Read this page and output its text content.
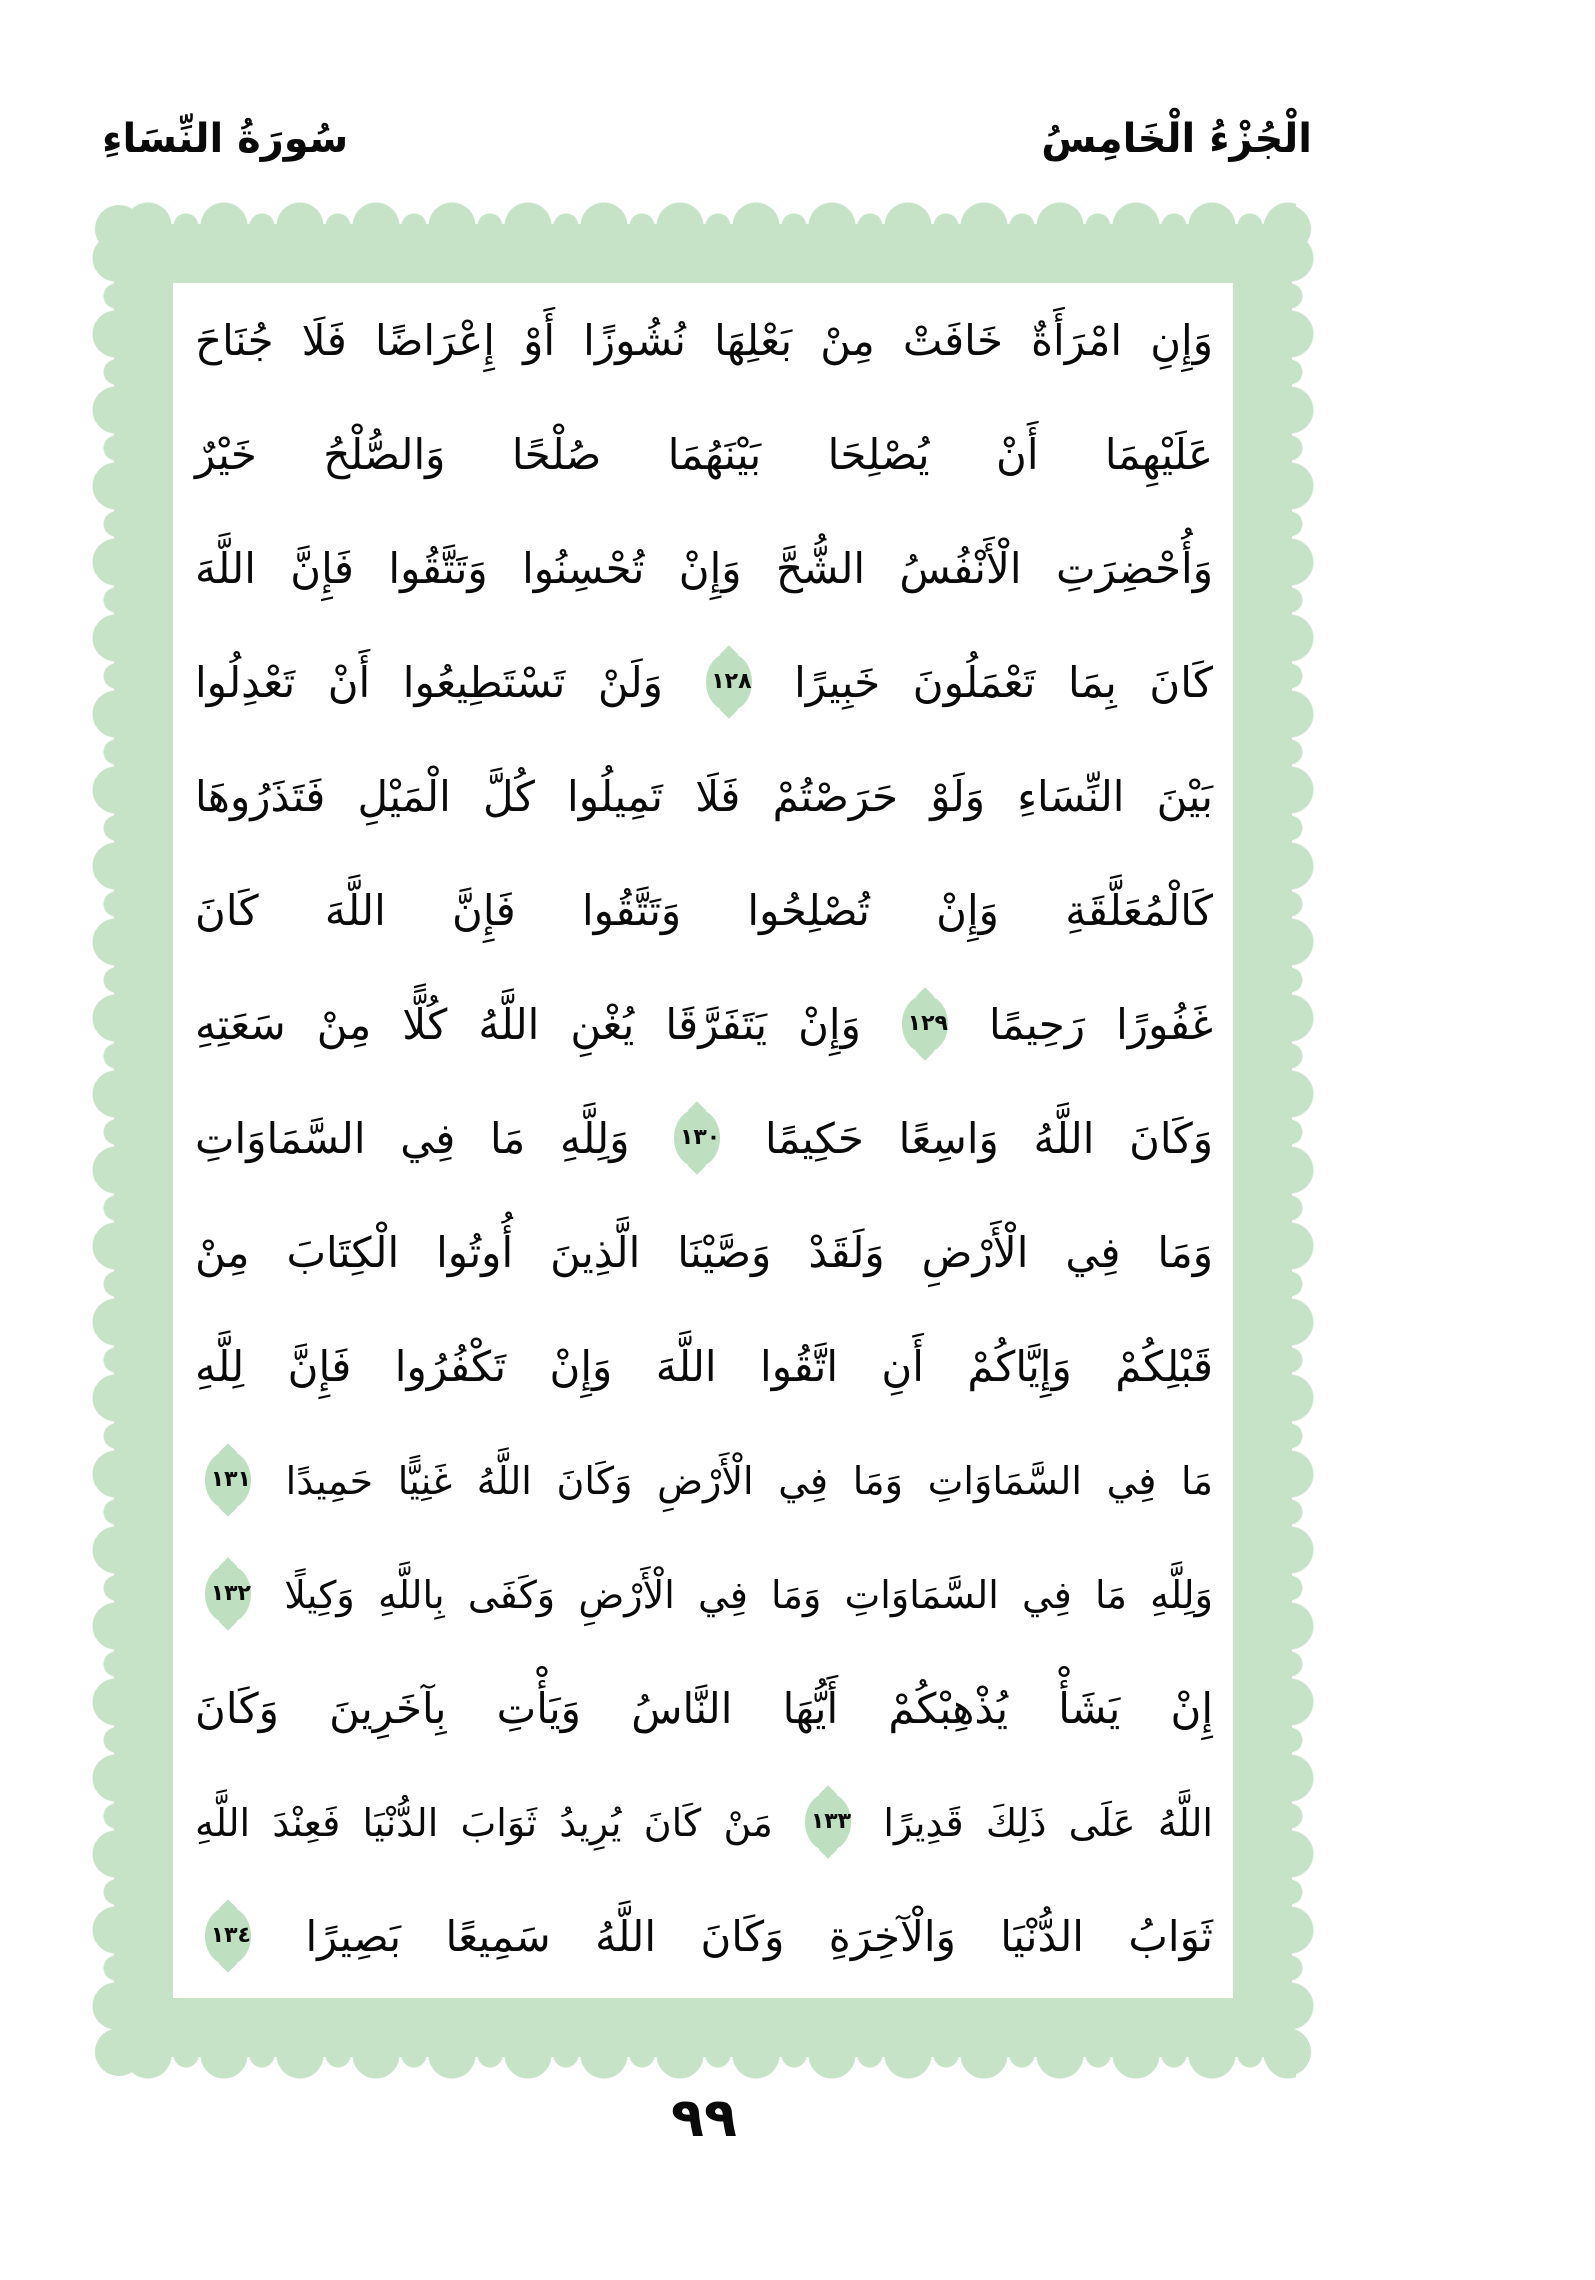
الْجُزْءُ الْخَامِسُ
سُورَةُ النِّسَاءِ
وَإِنِ امْرَأَةٌ خَافَتْ مِنْ بَعْلِهَا نُشُوزًا أَوْ إِعْرَاضًا فَلَا جُنَاحَ
عَلَيْهِمَا أَنْ يُصْلِحَا بَيْنَهُمَا صُلْحًا وَالصُّلْحُ خَيْرٌ
وَأُحْضِرَتِ الْأَنْفُسُ الشُّحَّ وَإِنْ تُحْسِنُوا وَتَتَّقُوا فَإِنَّ اللَّهَ
كَانَ بِمَا تَعْمَلُونَ خَبِيرًا ١٢٨ وَلَنْ تَسْتَطِيعُوا أَنْ تَعْدِلُوا
بَيْنَ النِّسَاءِ وَلَوْ حَرَصْتُمْ فَلَا تَمِيلُوا كُلَّ الْمَيْلِ فَتَذَرُوهَا
كَالْمُعَلَّقَةِ وَإِنْ تُصْلِحُوا وَتَتَّقُوا فَإِنَّ اللَّهَ كَانَ
غَفُورًا رَحِيمًا ١٢٩ وَإِنْ يَتَفَرَّقَا يُغْنِ اللَّهُ كُلًّا مِنْ سَعَتِهِ
وَكَانَ اللَّهُ وَاسِعًا حَكِيمًا ١٣٠ وَلِلَّهِ مَا فِي السَّمَاوَاتِ
وَمَا فِي الْأَرْضِ وَلَقَدْ وَصَّيْنَا الَّذِينَ أُوتُوا الْكِتَابَ مِنْ
قَبْلِكُمْ وَإِيَّاكُمْ أَنِ اتَّقُوا اللَّهَ وَإِنْ تَكْفُرُوا فَإِنَّ لِلَّهِ
مَا فِي السَّمَاوَاتِ وَمَا فِي الْأَرْضِ وَكَانَ اللَّهُ غَنِيًّا حَمِيدًا ١٣١
وَلِلَّهِ مَا فِي السَّمَاوَاتِ وَمَا فِي الْأَرْضِ وَكَفَى بِاللَّهِ وَكِيلًا ١٣٢
إِنْ يَشَأْ يُذْهِبْكُمْ أَيُّهَا النَّاسُ وَيَأْتِ بِآخَرِينَ وَكَانَ
اللَّهُ عَلَى ذَلِكَ قَدِيرًا ١٣٣ مَنْ كَانَ يُرِيدُ ثَوَابَ الدُّنْيَا فَعِنْدَ اللَّهِ
ثَوَابُ الدُّنْيَا وَالْآخِرَةِ وَكَانَ اللَّهُ سَمِيعًا بَصِيرًا ١٣٤
٩٩
